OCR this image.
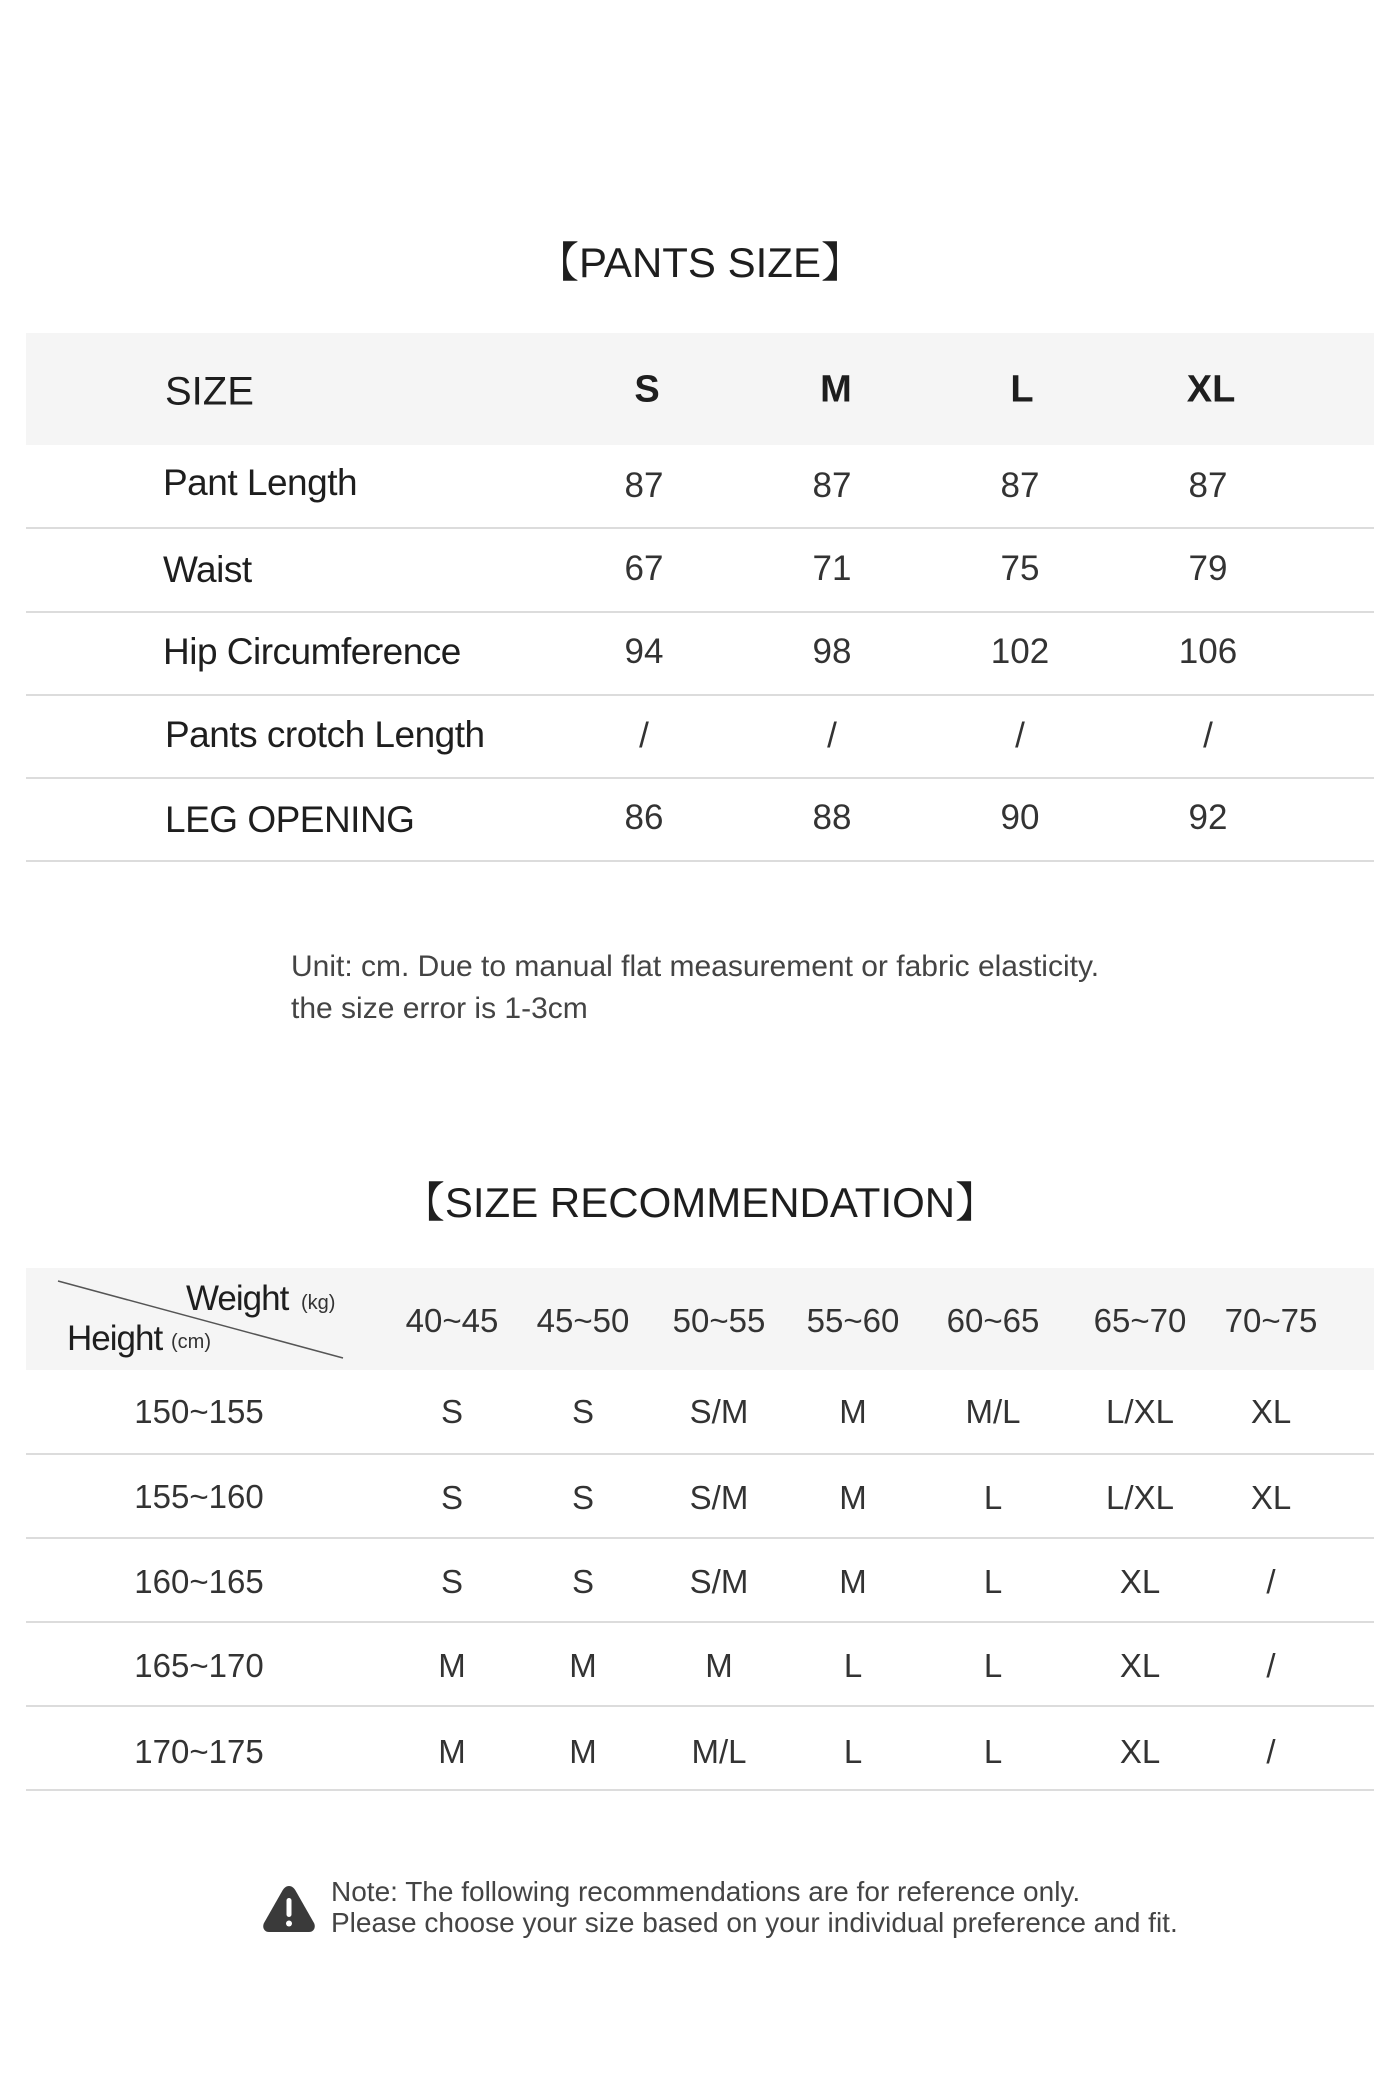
【PANTS SIZE】
SIZE	S	M	L	XL
Pant Length	87	87	87	87
Waist	67	71	75	79
Hip Circumference	94	98	102	106
Pants crotch Length	/	/	/	/
LEG OPENING	86	88	90	92
Unit: cm. Due to manual flat measurement or fabric elasticity.
the size error is 1-3cm
【SIZE RECOMMENDATION】
Weight (kg)
Height (cm)
40~45 45~50 50~55 55~60 60~65 65~70 70~75
150~155	S	S	S/M	M	M/L	L/XL XL
155~160	S	S	S/M	M	L	L/XL XL
160~165	S	S	S/M	M	L	XL	/
165~170	M	M	M	L	L	XL	/
170~175	M	M	M/L	L	L	XL	/
Note: The following recommendations are for reference only.
Please choose your size based on your individual preference and fit.
